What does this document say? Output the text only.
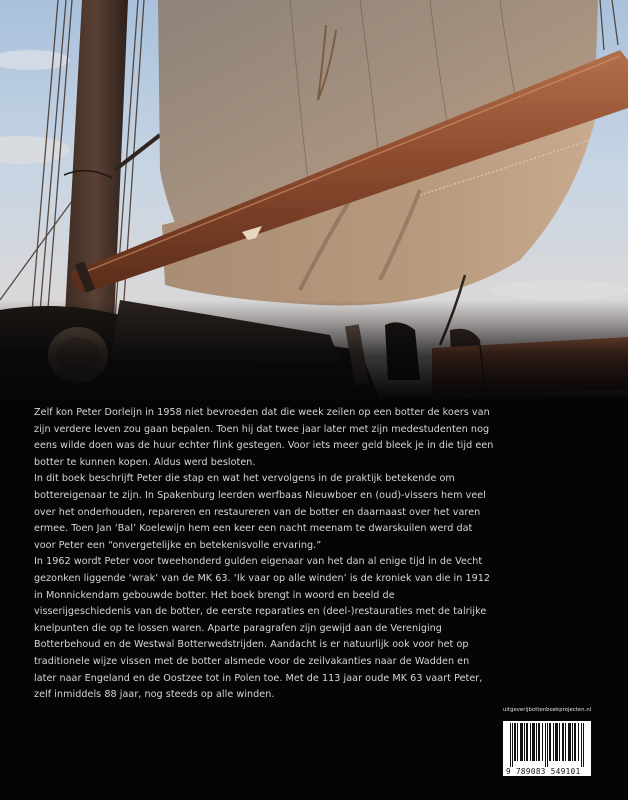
Zelf kon Peter Dorleijn in 1958 niet bevroeden dat die week zeilen op een botter de koers van zijn verdere leven zou gaan bepalen. Toen hij dat twee jaar later met zijn medestudenten nog eens wilde doen was de huur echter flink gestegen. Voor iets meer geld bleek je in die tijd een botter te kunnen kopen. Aldus werd besloten.

In dit boek beschrijft Peter die stap en wat het vervolgens in de praktijk betekende om bottereigenaar te zijn. In Spakenburg leerden werfbaas Nieuwboer en (oud)-vissers hem veel over het onderhouden, repareren en restaureren van de botter en daarnaast over het varen ermee. Toen Jan ‘Bal’ Koelewijn hem een keer een nacht meenam te dwarskuilen werd dat voor Peter een “onvergetelijke en betekenisvolle ervaring.”

In 1962 wordt Peter voor tweehonderd gulden eigenaar van het dan al enige tijd in de Vecht gezonken liggende ‘wrak’ van de MK 63. ‘Ik vaar op alle winden’ is de kroniek van die in 1912 in Monnickendam gebouwde botter. Het boek brengt in woord en beeld de visserijgeschiedenis van de botter, de eerste reparaties en (deel-)restauraties met de talrijke knelpunten die op te lossen waren. Aparte paragrafen zijn gewijd aan de Vereniging Botterbehoud en de Westwal Botterwedstrijden. Aandacht is er natuurlijk ook voor het op traditionele wijze vissen met de botter alsmede voor de zeilvakanties naar de Wadden en later naar Engeland en de Oostzee tot in Polen toe. Met de 113 jaar oude MK 63 vaart Peter, zelf inmiddels 88 jaar, nog steeds op alle winden.

uitgeverijbottenboekprojecten.nl
9 789083 549101
